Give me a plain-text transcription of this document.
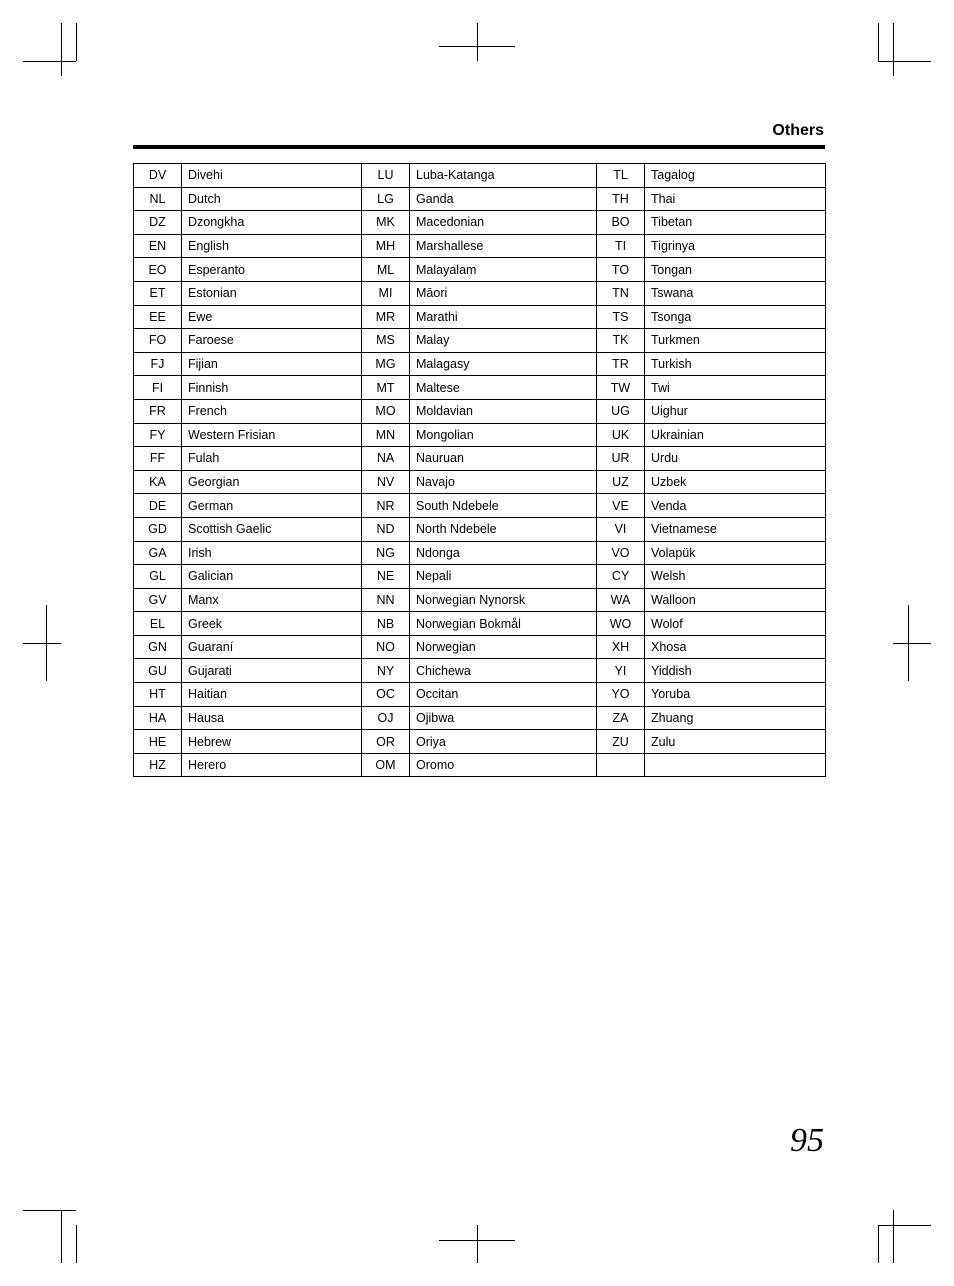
Others
DV	Divehi	LU	Luba-Katanga	TL	Tagalog
NL	Dutch	LG	Ganda	TH	Thai
DZ	Dzongkha	MK	Macedonian	BO	Tibetan
EN	English	MH	Marshallese	TI	Tigrinya
EO	Esperanto	ML	Malayalam	TO	Tongan
ET	Estonian	MI	Māori	TN	Tswana
EE	Ewe	MR	Marathi	TS	Tsonga
FO	Faroese	MS	Malay	TK	Turkmen
FJ	Fijian	MG	Malagasy	TR	Turkish
FI	Finnish	MT	Maltese	TW	Twi
FR	French	MO	Moldavian	UG	Uighur
FY	Western Frisian	MN	Mongolian	UK	Ukrainian
FF	Fulah	NA	Nauruan	UR	Urdu
KA	Georgian	NV	Navajo	UZ	Uzbek
DE	German	NR	South Ndebele	VE	Venda
GD	Scottish Gaelic	ND	North Ndebele	VI	Vietnamese
GA	Irish	NG	Ndonga	VO	Volapük
GL	Galician	NE	Nepali	CY	Welsh
GV	Manx	NN	Norwegian Nynorsk	WA	Walloon
EL	Greek	NB	Norwegian Bokmål	WO	Wolof
GN	Guaraní	NO	Norwegian	XH	Xhosa
GU	Gujarati	NY	Chichewa	YI	Yiddish
HT	Haitian	OC	Occitan	YO	Yoruba
HA	Hausa	OJ	Ojibwa	ZA	Zhuang
HE	Hebrew	OR	Oriya	ZU	Zulu
HZ	Herero	OM	Oromo		
95
